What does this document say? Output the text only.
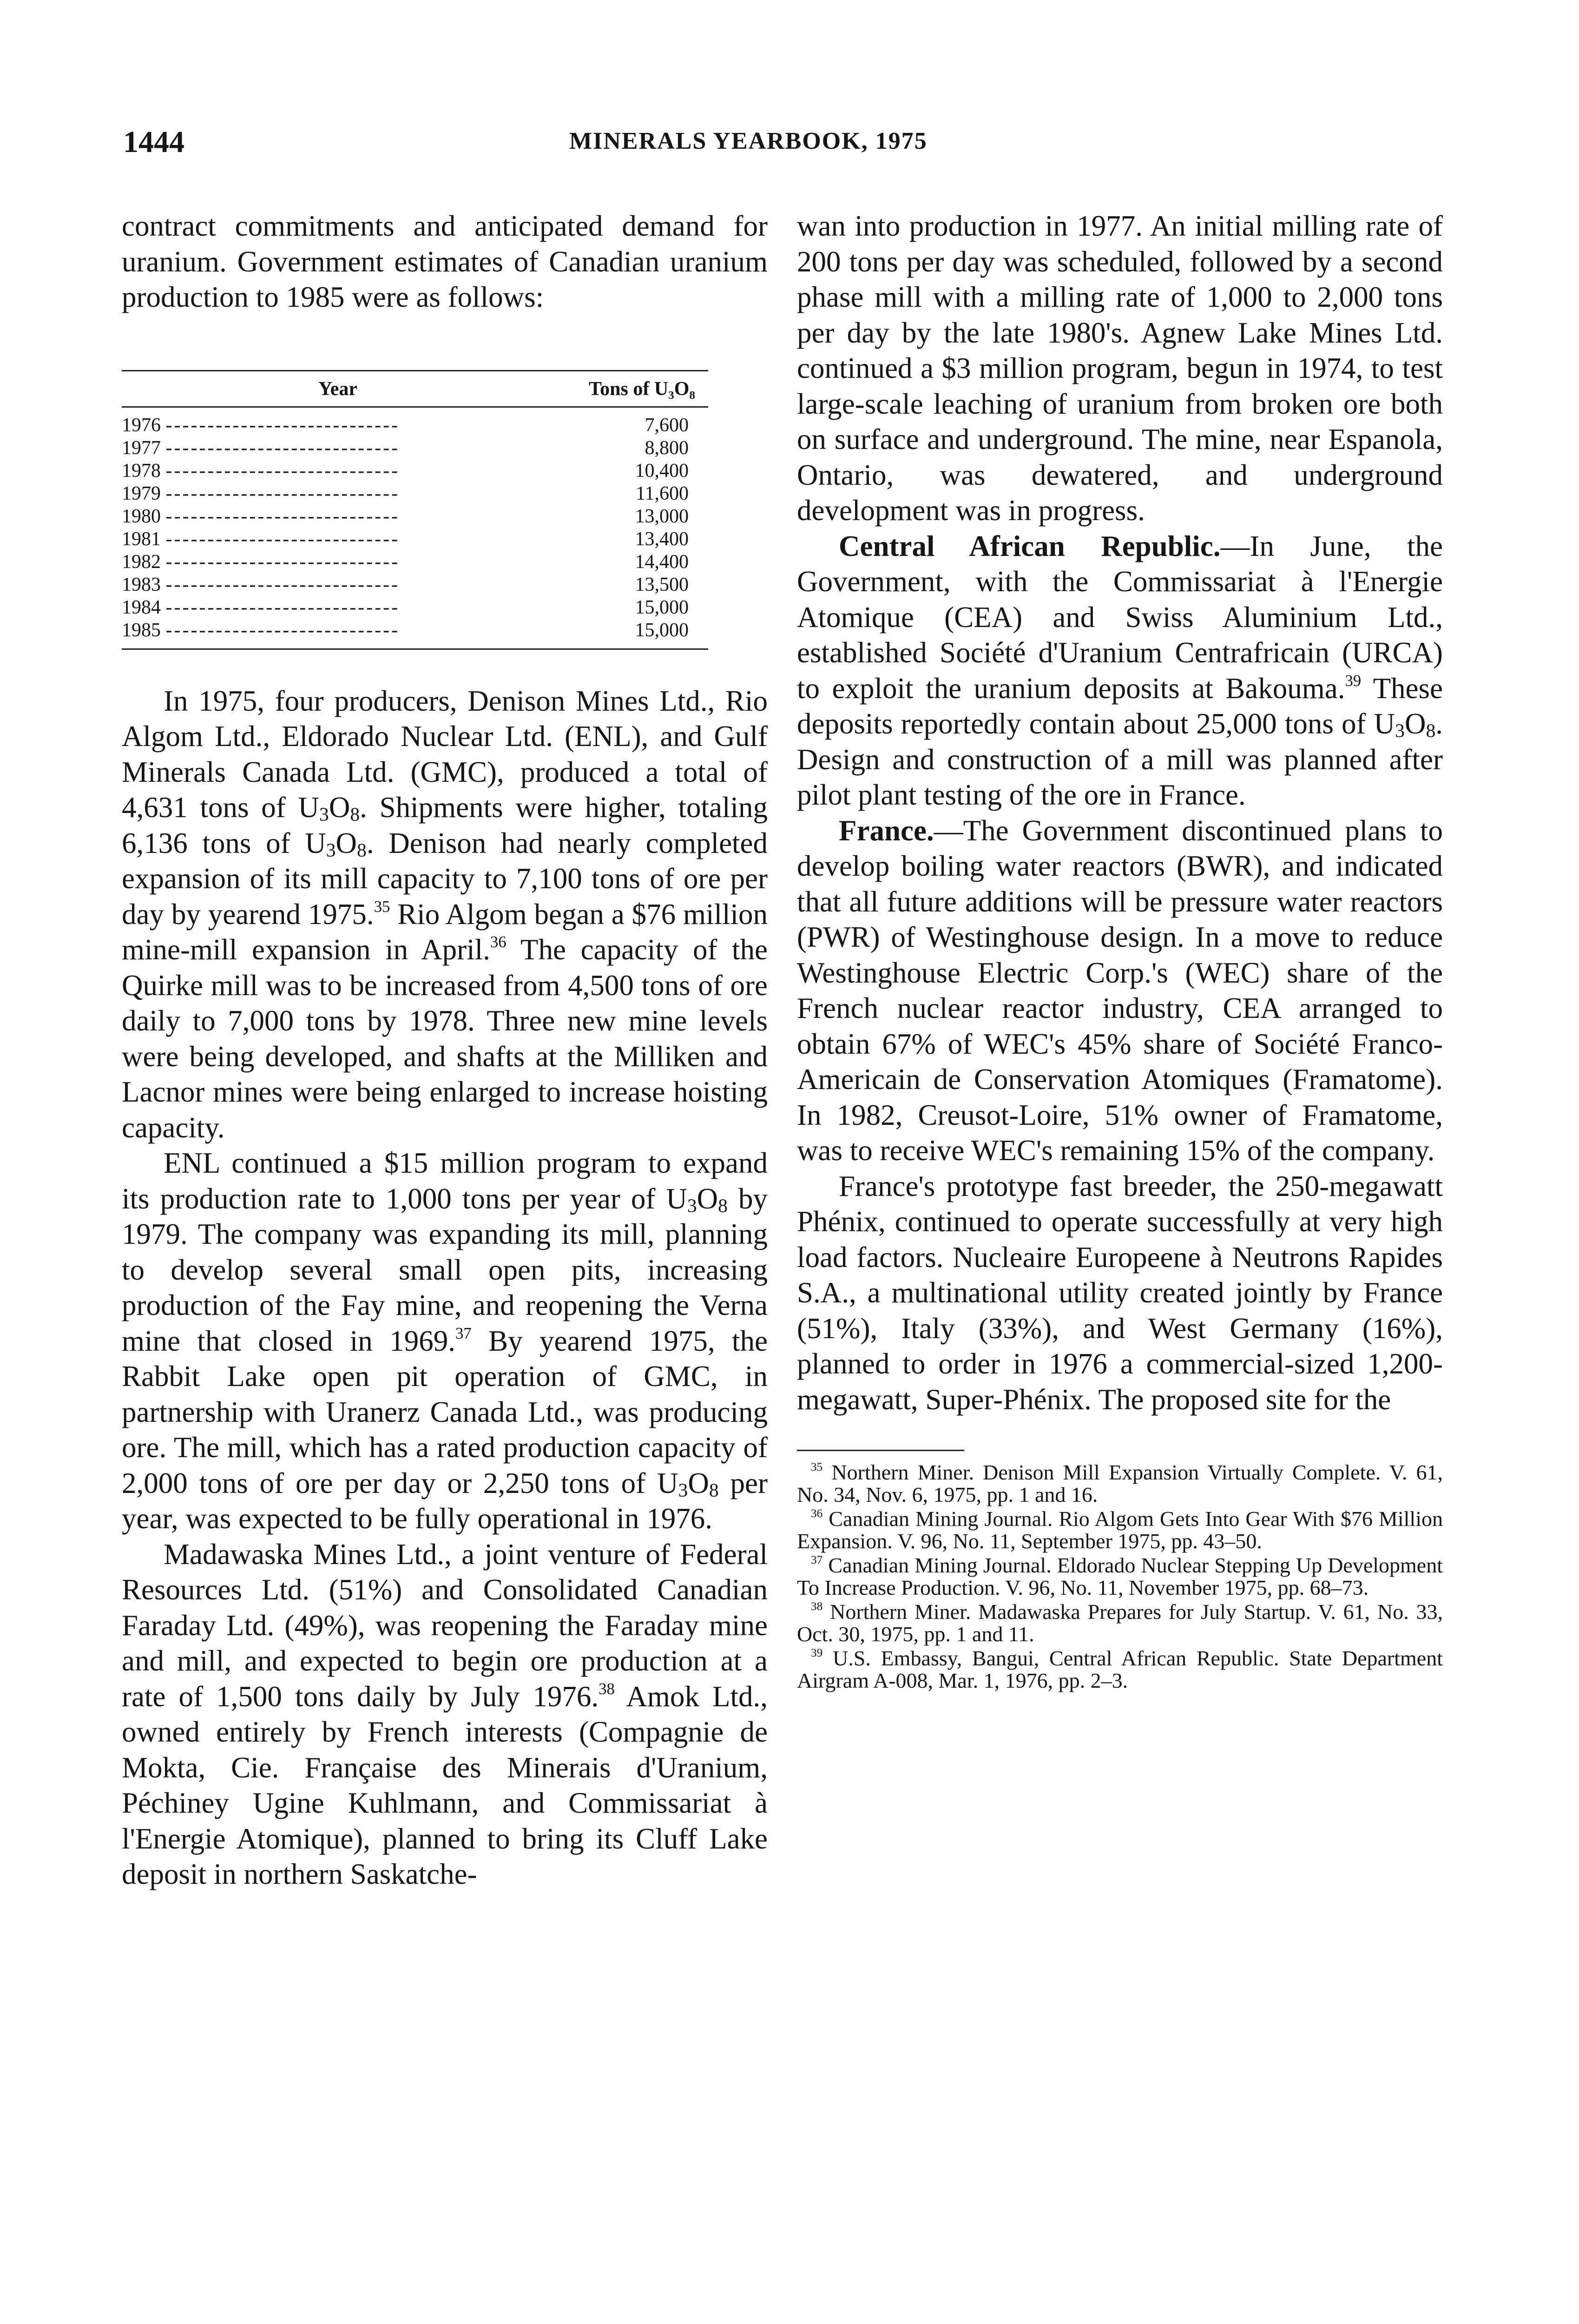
1444	MINERALS YEARBOOK, 1975

contract commitments and anticipated demand for uranium. Government estimates of Canadian uranium production to 1985 were as follows:

Year	Tons of U₃O₈
1976 ----------------------------	7,600
1977 ----------------------------	8,800
1978 ----------------------------	10,400
1979 ----------------------------	11,600
1980 ----------------------------	13,000
1981 ----------------------------	13,400
1982 ----------------------------	14,400
1983 ----------------------------	13,500
1984 ----------------------------	15,000
1985 ----------------------------	15,000

In 1975, four producers, Denison Mines Ltd., Rio Algom Ltd., Eldorado Nuclear Ltd. (ENL), and Gulf Minerals Canada Ltd. (GMC), produced a total of 4,631 tons of U3O8. Shipments were higher, totaling 6,136 tons of U3O8. Denison had nearly completed expansion of its mill capacity to 7,100 tons of ore per day by yearend 1975.35 Rio Algom began a $76 million mine-mill expansion in April.$^{36}$ The capacity of the Quirke mill was to be increased from 4,500 tons of ore daily to 7,000 tons by 1978. Three new mine levels were being developed, and shafts at the Milliken and Lacnor mines were being enlarged to increase hoisting capacity.

ENL continued a $15 million program to expand its production rate to 1,000 tons per year of U3O8 by 1979. The company was expanding its mill, planning to develop several small open pits, increasing production of the Fay mine, and reopening the Verna mine that closed in 1969.37 By yearend 1975, the Rabbit Lake open pit operation of GMC, in partnership with Uranerz Canada Ltd., was producing ore. The mill, which has a rated production capacity of 2,000 tons of ore per day or 2,250 tons of U3O8 per year, was expected to be fully operational in 1976.

Madawaska Mines Ltd., a joint venture of Federal Resources Ltd. (51%) and Consolidated Canadian Faraday Ltd. (49%), was reopening the Faraday mine and mill, and expected to begin ore production at a rate of 1,500 tons daily by July 1976.38 Amok Ltd., owned entirely by French interests (Compagnie de Mokta, Cie. Française des Minerais d'Uranium, Péchiney Ugine Kuhlmann, and Commissariat à l'Energie Atomique), planned to bring its Cluff Lake deposit in northern Saskatche-

wan into production in 1977. An initial milling rate of 200 tons per day was scheduled, followed by a second phase mill with a milling rate of 1,000 to 2,000 tons per day by the late 1980's. Agnew Lake Mines Ltd. continued a $3 million program, begun in 1974, to test large-scale leaching of uranium from broken ore both on surface and underground. The mine, near Espanola, Ontario, was dewatered, and underground development was in progress.

Central African Republic.—In June, the Government, with the Commissariat à l'Energie Atomique (CEA) and Swiss Aluminium Ltd., established Société d'Uranium Centrafricain (URCA) to exploit the uranium deposits at Bakouma.$^{39}$ These deposits reportedly contain about 25,000 tons of U3O8. Design and construction of a mill was planned after pilot plant testing of the ore in France.

France.—The Government discontinued plans to develop boiling water reactors (BWR), and indicated that all future additions will be pressure water reactors (PWR) of Westinghouse design. In a move to reduce Westinghouse Electric Corp.'s (WEC) share of the French nuclear reactor industry, CEA arranged to obtain 67% of WEC's 45% share of Société Franco-Americain de Conservation Atomiques (Framatome). In 1982, Creusot-Loire, 51% owner of Framatome, was to receive WEC's remaining 15% of the company.

France's prototype fast breeder, the 250-megawatt Phénix, continued to operate successfully at very high load factors. Nucleaire Europeene à Neutrons Rapides S.A., a multinational utility created jointly by France (51%), Italy (33%), and West Germany (16%), planned to order in 1976 a commercial-sized 1,200-megawatt, Super-Phénix. The proposed site for the

$^{35}$ Northern Miner. Denison Mill Expansion Virtually Complete. V. 61, No. 34, Nov. 6, 1975, pp. 1 and 16.

$^{36}$ Canadian Mining Journal. Rio Algom Gets Into Gear With $76 Million Expansion. V. 96, No. 11, September 1975, pp. 43–50.

$^{37}$ Canadian Mining Journal. Eldorado Nuclear Stepping Up Development To Increase Production. V. 96, No. 11, November 1975, pp. 68–73.

$^{38}$ Northern Miner. Madawaska Prepares for July Startup. V. 61, No. 33, Oct. 30, 1975, pp. 1 and 11.

$^{39}$ U.S. Embassy, Bangui, Central African Republic. State Department Airgram A-008, Mar. 1, 1976, pp. 2–3.
